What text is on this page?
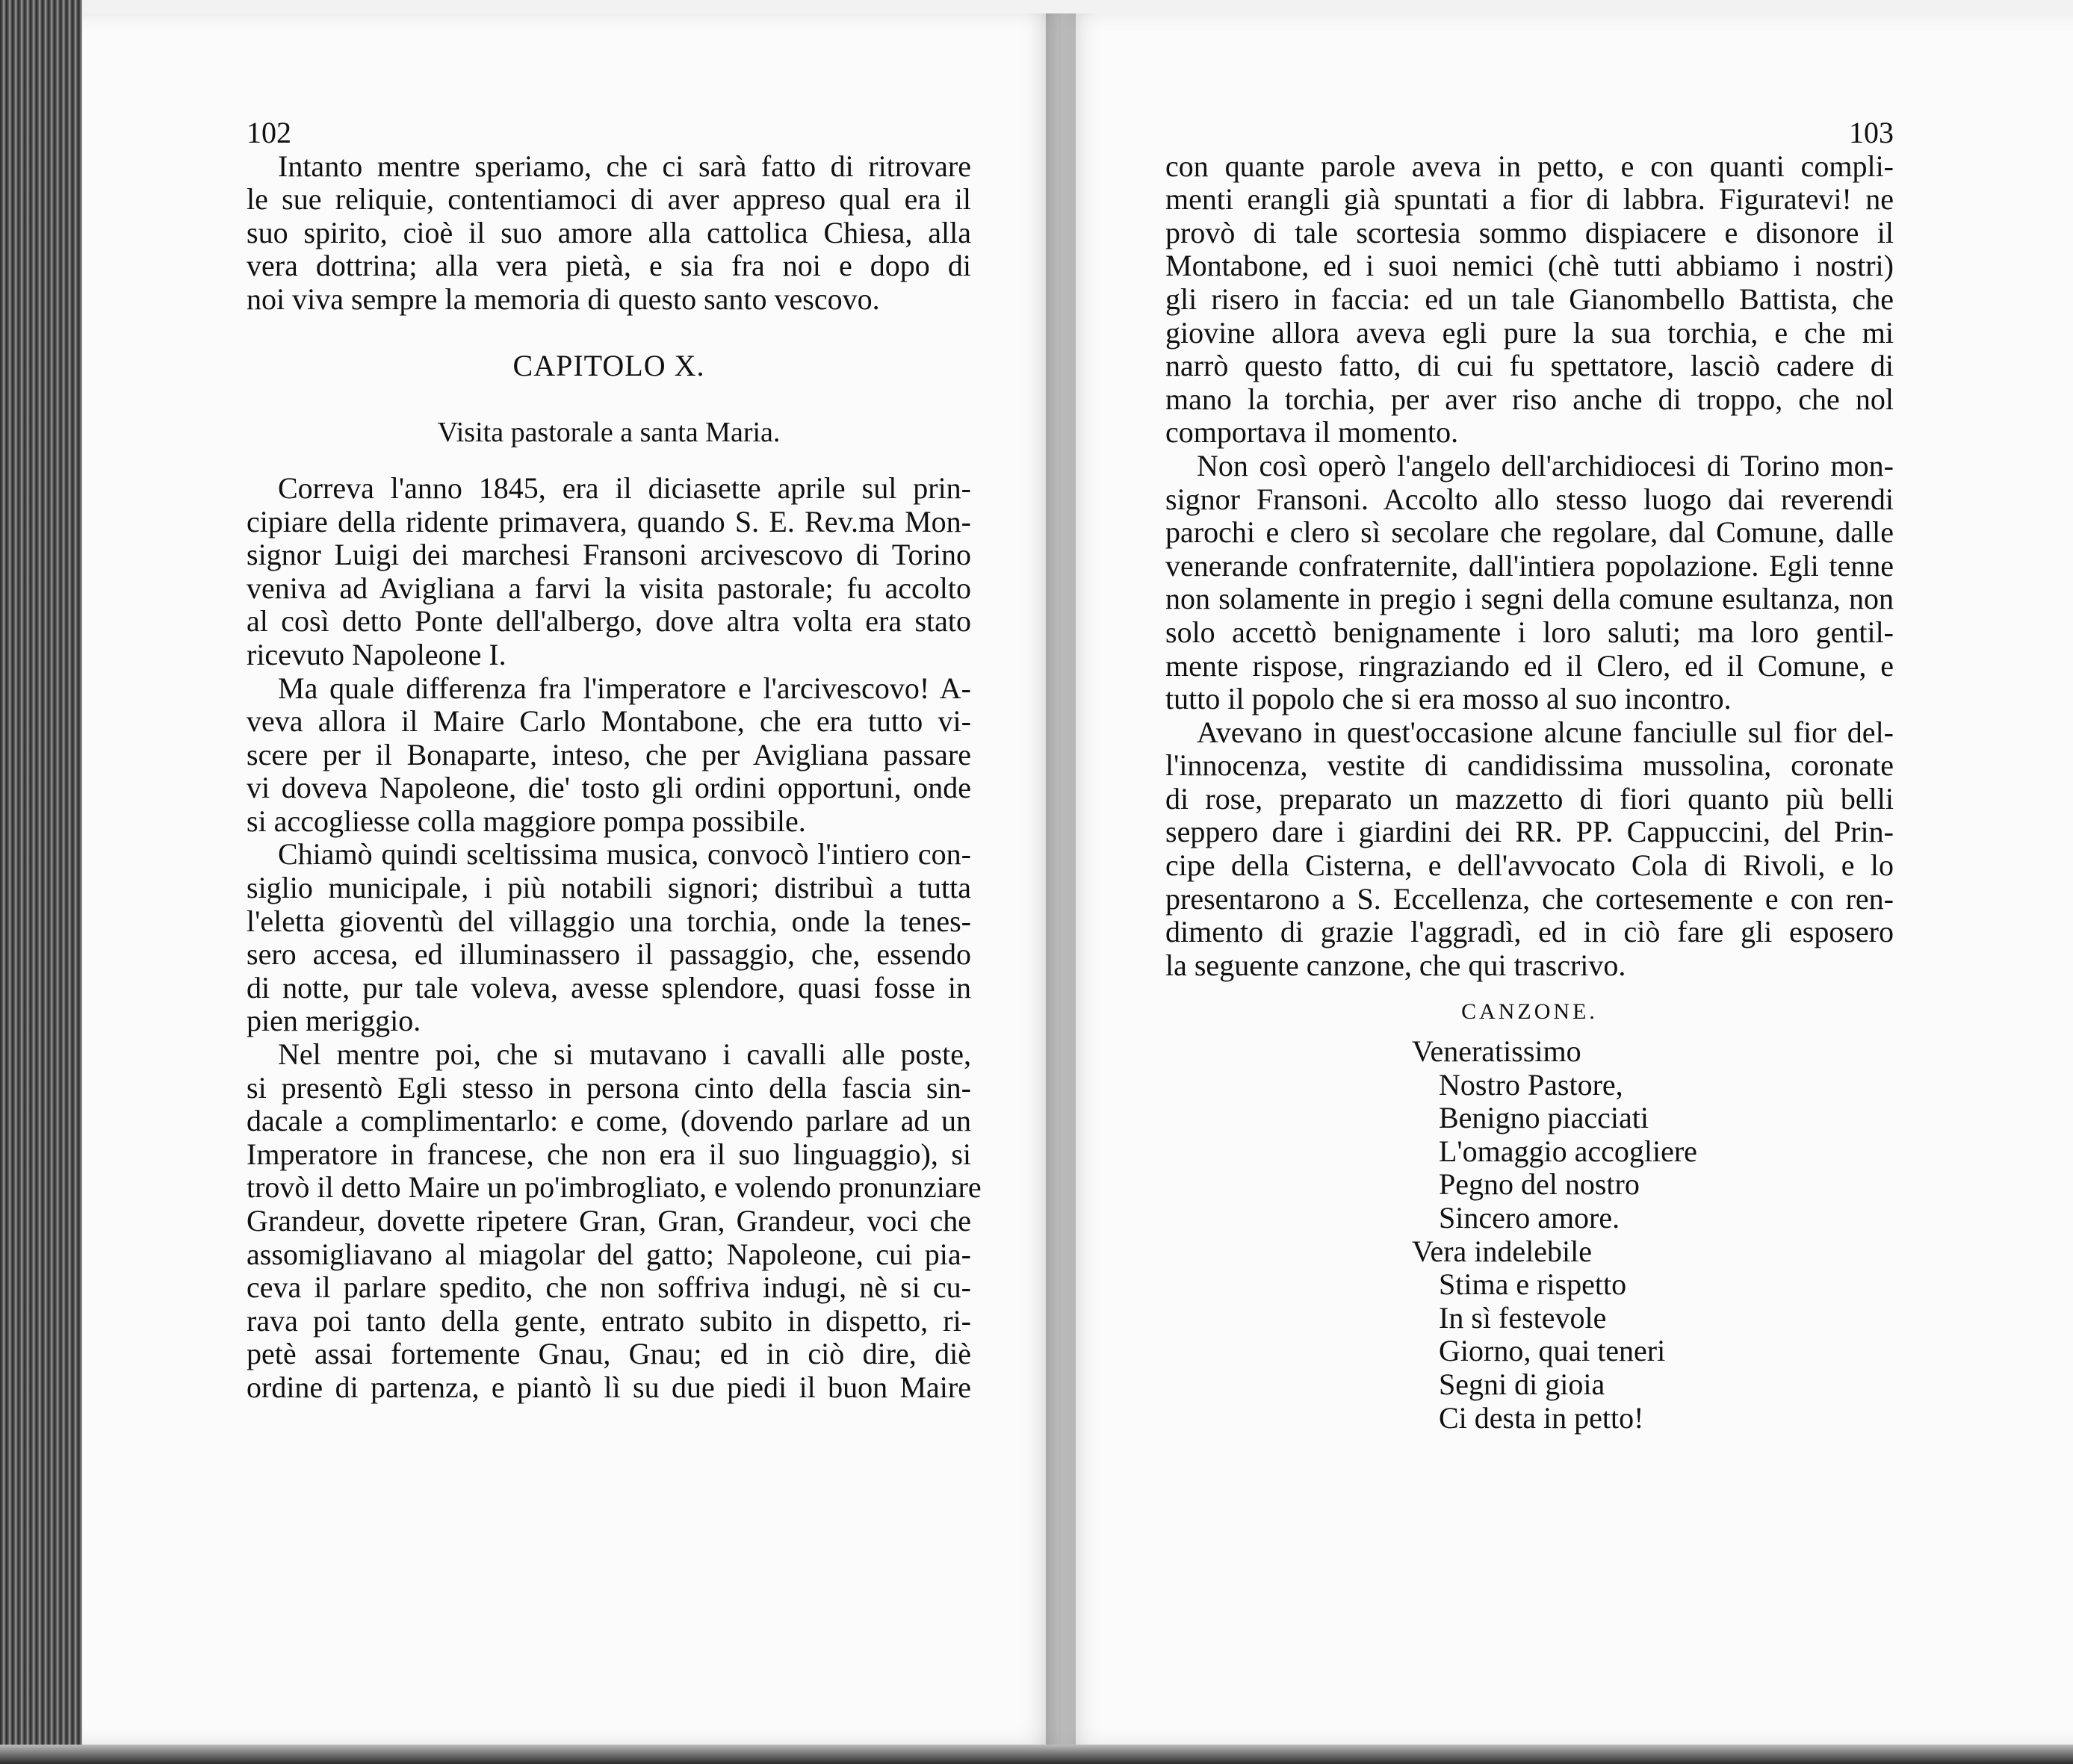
102
Intanto mentre speriamo, che ci sarà fatto di ritrovare
le sue reliquie, contentiamoci di aver appreso qual era il
suo spirito, cioè il suo amore alla cattolica Chiesa, alla
vera dottrina; alla vera pietà, e sia fra noi e dopo di
noi viva sempre la memoria di questo santo vescovo.
CAPITOLO X.
Visita pastorale a santa Maria.
Correva l'anno 1845, era il diciasette aprile sul prin-
cipiare della ridente primavera, quando S. E. Rev.ma Mon-
signor Luigi dei marchesi Fransoni arcivescovo di Torino
veniva ad Avigliana a farvi la visita pastorale; fu accolto
al così detto Ponte dell'albergo, dove altra volta era stato
ricevuto Napoleone I.
Ma quale differenza fra l'imperatore e l'arcivescovo! A-
veva allora il Maire Carlo Montabone, che era tutto vi-
scere per il Bonaparte, inteso, che per Avigliana passare
vi doveva Napoleone, die' tosto gli ordini opportuni, onde
si accogliesse colla maggiore pompa possibile.
Chiamò quindi sceltissima musica, convocò l'intiero con-
siglio municipale, i più notabili signori; distribuì a tutta
l'eletta gioventù del villaggio una torchia, onde la tenes-
sero accesa, ed illuminassero il passaggio, che, essendo
di notte, pur tale voleva, avesse splendore, quasi fosse in
pien meriggio.
Nel mentre poi, che si mutavano i cavalli alle poste,
si presentò Egli stesso in persona cinto della fascia sin-
dacale a complimentarlo: e come, (dovendo parlare ad un
Imperatore in francese, che non era il suo linguaggio), si
trovò il detto Maire un po'imbrogliato, e volendo pronunziare
Grandeur, dovette ripetere Gran, Gran, Grandeur, voci che
assomigliavano al miagolar del gatto; Napoleone, cui pia-
ceva il parlare spedito, che non soffriva indugi, nè si cu-
rava poi tanto della gente, entrato subito in dispetto, ri-
petè assai fortemente Gnau, Gnau; ed in ciò dire, diè
ordine di partenza, e piantò lì su due piedi il buon Maire
103
con quante parole aveva in petto, e con quanti compli-
menti erangli già spuntati a fior di labbra. Figuratevi! ne
provò di tale scortesia sommo dispiacere e disonore il
Montabone, ed i suoi nemici (chè tutti abbiamo i nostri)
gli risero in faccia: ed un tale Gianombello Battista, che
giovine allora aveva egli pure la sua torchia, e che mi
narrò questo fatto, di cui fu spettatore, lasciò cadere di
mano la torchia, per aver riso anche di troppo, che nol
comportava il momento.
Non così operò l'angelo dell'archidiocesi di Torino mon-
signor Fransoni. Accolto allo stesso luogo dai reverendi
parochi e clero sì secolare che regolare, dal Comune, dalle
venerande confraternite, dall'intiera popolazione. Egli tenne
non solamente in pregio i segni della comune esultanza, non
solo accettò benignamente i loro saluti; ma loro gentil-
mente rispose, ringraziando ed il Clero, ed il Comune, e
tutto il popolo che si era mosso al suo incontro.
Avevano in quest'occasione alcune fanciulle sul fior del-
l'innocenza, vestite di candidissima mussolina, coronate
di rose, preparato un mazzetto di fiori quanto più belli
seppero dare i giardini dei RR. PP. Cappuccini, del Prin-
cipe della Cisterna, e dell'avvocato Cola di Rivoli, e lo
presentarono a S. Eccellenza, che cortesemente e con ren-
dimento di grazie l'aggradì, ed in ciò fare gli esposero
la seguente canzone, che qui trascrivo.
CANZONE.
Veneratissimo
Nostro Pastore,
Benigno piacciati
L'omaggio accogliere
Pegno del nostro
Sincero amore.
Vera indelebile
Stima e rispetto
In sì festevole
Giorno, quai teneri
Segni di gioia
Ci desta in petto!
